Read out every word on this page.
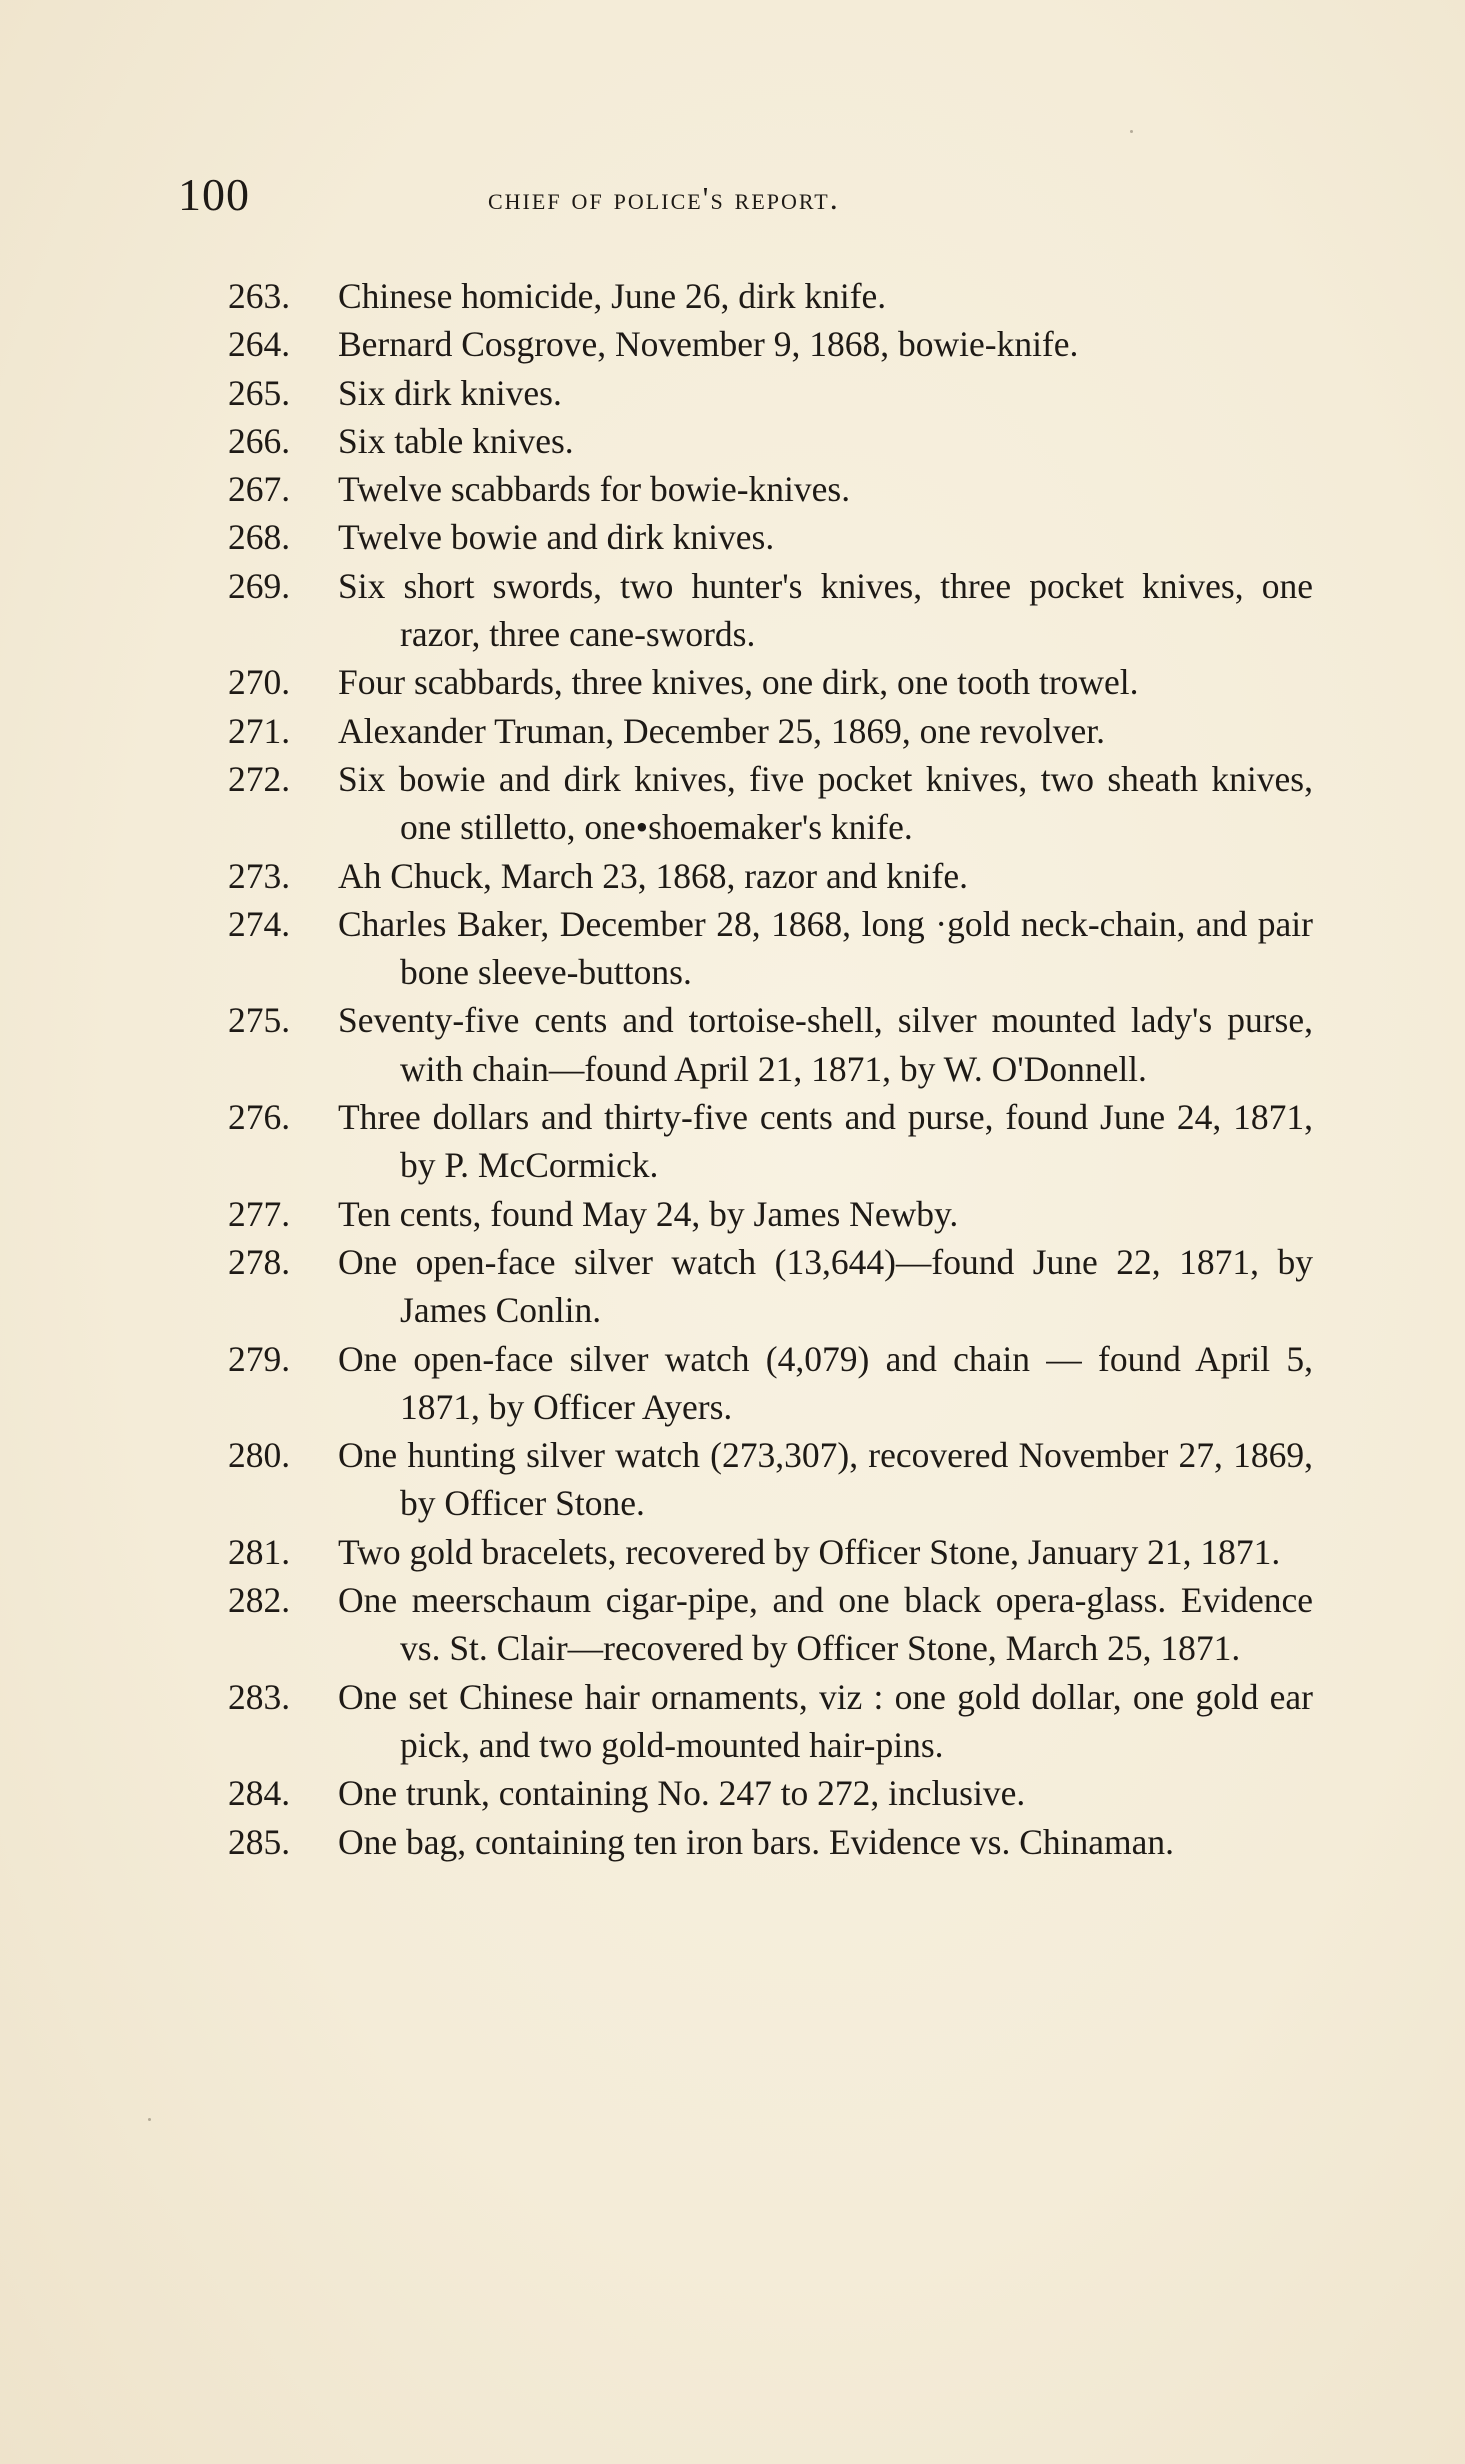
100	chief of police's report.
263.	Chinese homicide, June 26, dirk knife.
264.	Bernard Cosgrove, November 9, 1868, bowie-knife.
265.	Six dirk knives.
266.	Six table knives.
267.	Twelve scabbards for bowie-knives.
268.	Twelve bowie and dirk knives.
269.	Six short swords, two hunter's knives, three pocket knives, one razor, three cane-swords.
270.	Four scabbards, three knives, one dirk, one tooth trowel.
271.	Alexander Truman, December 25, 1869, one revolver.
272.	Six bowie and dirk knives, five pocket knives, two sheath knives, one stilletto, one•shoemaker's knife.
273.	Ah Chuck, March 23, 1868, razor and knife.
274.	Charles Baker, December 28, 1868, long ·gold neck-chain, and pair bone sleeve-buttons.
275.	Seventy-five cents and tortoise-shell, silver mounted lady's purse, with chain—found April 21, 1871, by W. O'Donnell.
276.	Three dollars and thirty-five cents and purse, found June 24, 1871, by P. McCormick.
277.	Ten cents, found May 24, by James Newby.
278.	One open-face silver watch (13,644)—found June 22, 1871, by James Conlin.
279.	One open-face silver watch (4,079) and chain — found April 5, 1871, by Officer Ayers.
280.	One hunting silver watch (273,30⁠7), recovered November 27, 1869, by Officer Stone.
281.	Two gold bracelets, recovered by Officer Stone, January 21, 1871.
282.	One meerschaum cigar-pipe, and one black opera-glass. Evidence vs. St. Clair—recovered by Officer Stone, March 25, 1871.
283.	One set Chinese hair ornaments, viz : one gold dollar, one gold ear pick, and two gold-mounted hair-pins.
284.	One trunk, containing No. 247 to 272, inclusive.
285.	One bag, containing ten iron bars. Evidence vs. Chinaman.
